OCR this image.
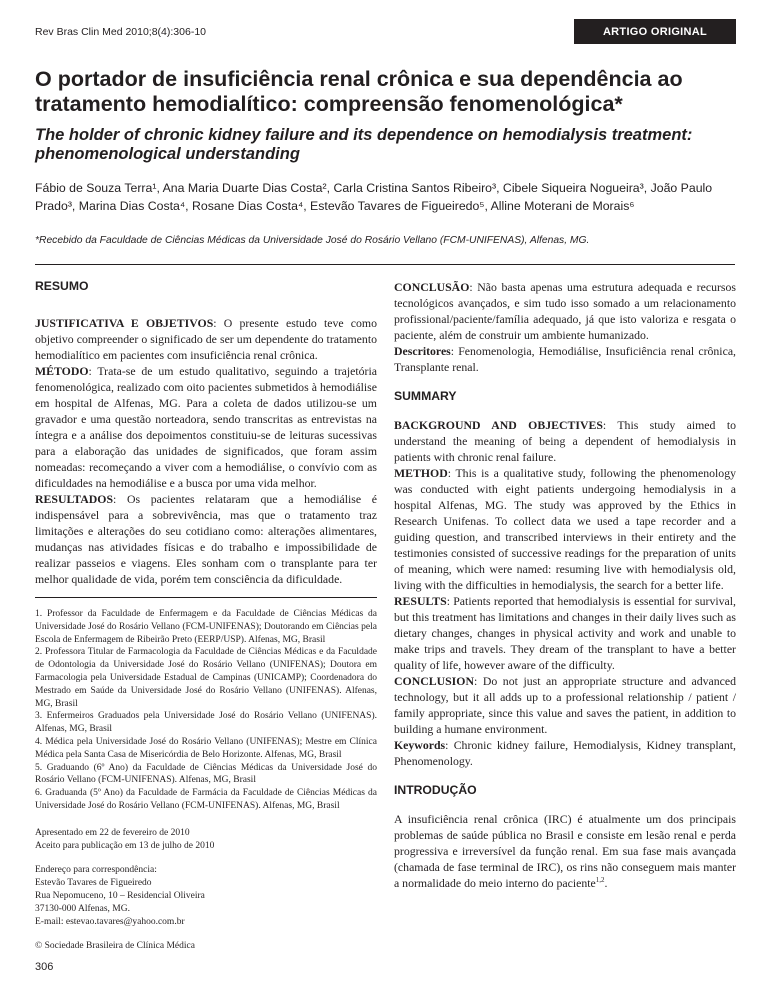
Rev Bras Clin Med 2010;8(4):306-10	ARTIGO ORIGINAL
O portador de insuficiência renal crônica e sua dependência ao tratamento hemodialítico: compreensão fenomenológica*
The holder of chronic kidney failure and its dependence on hemodialysis treatment: phenomenological understanding
Fábio de Souza Terra¹, Ana Maria Duarte Dias Costa², Carla Cristina Santos Ribeiro³, Cibele Siqueira Nogueira³, João Paulo Prado³, Marina Dias Costa⁴, Rosane Dias Costa⁴, Estevão Tavares de Figueiredo⁵, Alline Moterani de Morais⁶
*Recebido da Faculdade de Ciências Médicas da Universidade José do Rosário Vellano (FCM-UNIFENAS), Alfenas, MG.
RESUMO

JUSTIFICATIVA E OBJETIVOS: O presente estudo teve como objetivo compreender o significado de ser um dependente do tratamento hemodialítico em pacientes com insuficiência renal crônica.
MÉTODO: Trata-se de um estudo qualitativo, seguindo a trajetória fenomenológica, realizado com oito pacientes submetidos à hemodiálise em hospital de Alfenas, MG. Para a coleta de dados utilizou-se um gravador e uma questão norteadora, sendo transcritas as entrevistas na íntegra e a análise dos depoimentos constituiu-se de leituras sucessivas para a elaboração das unidades de significados, que foram assim nomeadas: recomeçando a viver com a hemodiálise, o convívio com as dificuldades na hemodiálise e a busca por uma vida melhor.
RESULTADOS: Os pacientes relataram que a hemodiálise é indispensável para a sobrevivência, mas que o tratamento traz limitações e alterações do seu cotidiano como: alterações alimentares, mudanças nas atividades físicas e do trabalho e impossibilidade de realizar passeios e viagens. Eles sonham com o transplante para ter melhor qualidade de vida, porém tem consciência da dificuldade.

1. Professor da Faculdade de Enfermagem e da Faculdade de Ciências Médicas da Universidade José do Rosário Vellano (FCM-UNIFENAS); Doutorando em Ciências pela Escola de Enfermagem de Ribeirão Preto (EERP/USP). Alfenas, MG, Brasil

2. Professora Titular de Farmacologia da Faculdade de Ciências Médicas e da Faculdade de Odontologia da Universidade José do Rosário Vellano (UNIFENAS); Doutora em Farmacologia pela Universidade Estadual de Campinas (UNICAMP); Coordenadora do Mestrado em Saúde da Universidade José do Rosário Vellano (UNIFENAS). Alfenas, MG, Brasil

3. Enfermeiros Graduados pela Universidade José do Rosário Vellano (UNIFENAS). Alfenas, MG, Brasil

4. Médica pela Universidade José do Rosário Vellano (UNIFENAS); Mestre em Clínica Médica pela Santa Casa de Misericórdia de Belo Horizonte. Alfenas, MG, Brasil

5. Graduando (6º Ano) da Faculdade de Ciências Médicas da Universidade José do Rosário Vellano (FCM-UNIFENAS). Alfenas, MG, Brasil

6. Graduanda (5º Ano) da Faculdade de Farmácia da Faculdade de Ciências Médicas da Universidade José do Rosário Vellano (FCM-UNIFENAS). Alfenas, MG, Brasil

Apresentado em 22 de fevereiro de 2010

Aceito para publicação em 13 de julho de 2010

Endereço para correspondência:

Estevão Tavares de Figueiredo

Rua Nepomuceno, 10 – Residencial Oliveira

37130-000 Alfenas, MG.

E-mail: estevao.tavares@yahoo.com.br

© Sociedade Brasileira de Clínica Médica

CONCLUSÃO: Não basta apenas uma estrutura adequada e recursos tecnológicos avançados, e sim tudo isso somado a um relacionamento profissional/paciente/família adequado, já que isto valoriza e resgata o paciente, além de construir um ambiente humanizado.
Descritores: Fenomenologia, Hemodiálise, Insuficiência renal crônica, Transplante renal.

SUMMARY

BACKGROUND AND OBJECTIVES: This study aimed to understand the meaning of being a dependent of hemodialysis in patients with chronic renal failure.
METHOD: This is a qualitative study, following the phenomenology was conducted with eight patients undergoing hemodialysis in a hospital Alfenas, MG. The study was approved by the Ethics in Research Unifenas. To collect data we used a tape recorder and a guiding question, and transcribed interviews in their entirety and the testimonies consisted of successive readings for the preparation of units of meaning, which were named: resuming live with hemodialysis old, living with the difficulties in hemodialysis, the search for a better life.
RESULTS: Patients reported that hemodialysis is essential for survival, but this treatment has limitations and changes in their daily lives such as dietary changes, changes in physical activity and work and unable to make trips and travels. They dream of the transplant to have a better quality of life, however aware of the difficulty.
CONCLUSION: Do not just an appropriate structure and advanced technology, but it all adds up to a professional relationship / patient / family appropriate, since this value and saves the patient, in addition to building a humane environment.
Keywords: Chronic kidney failure, Hemodialysis, Kidney transplant, Phenomenology.

INTRODUÇÃO

A insuficiência renal crônica (IRC) é atualmente um dos principais problemas de saúde pública no Brasil e consiste em lesão renal e perda progressiva e irreversível da função renal. Em sua fase mais avançada (chamada de fase terminal de IRC), os rins não conseguem mais manter a normalidade do meio interno do paciente$^{1,2}$.

306
